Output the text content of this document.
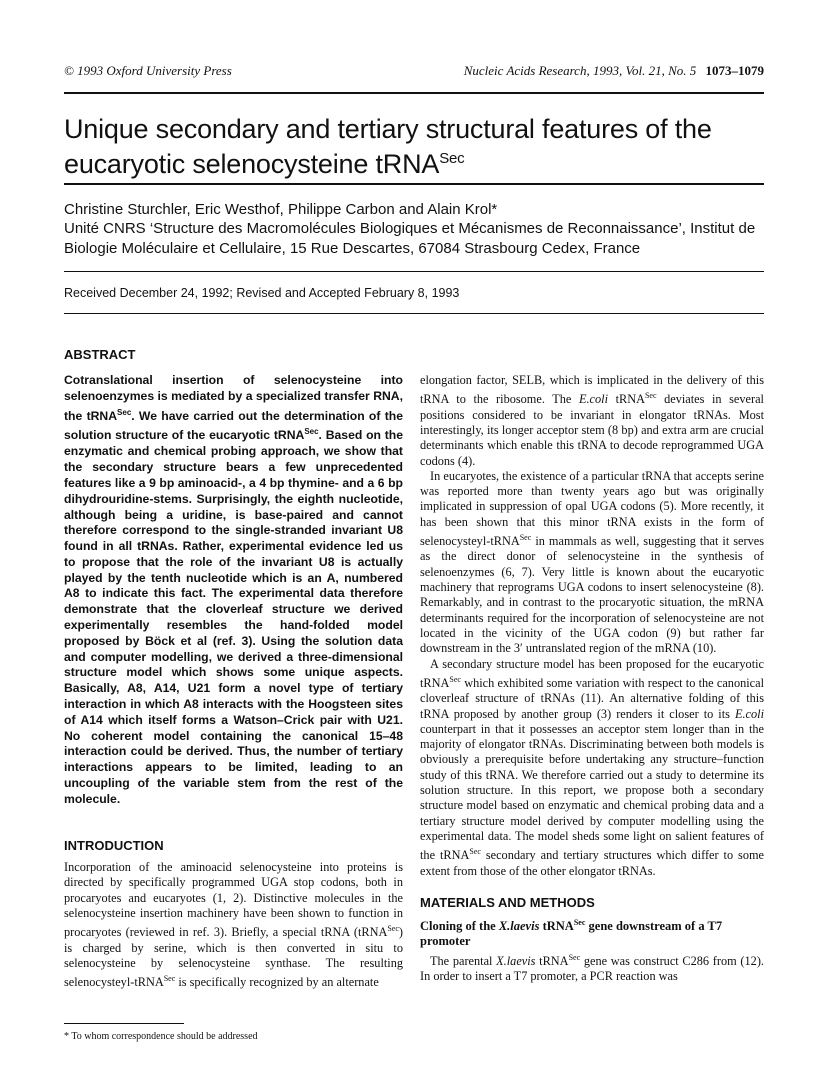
© 1993 Oxford University Press	Nucleic Acids Research, 1993, Vol. 21, No. 5 1073–1079
Unique secondary and tertiary structural features of the eucaryotic selenocysteine tRNA$^{Sec}$
Christine Sturchler, Eric Westhof, Philippe Carbon and Alain Krol*
Unité CNRS ‘Structure des Macromolécules Biologiques et Mécanismes de Reconnaissance’, Institut de Biologie Moléculaire et Cellulaire, 15 Rue Descartes, 67084 Strasbourg Cedex, France
Received December 24, 1992; Revised and Accepted February 8, 1993
ABSTRACT
Cotranslational insertion of selenocysteine into selenoenzymes is mediated by a specialized transfer RNA, the tRNA$^{Sec}$. We have carried out the determination of the solution structure of the eucaryotic tRNA$^{Sec}$. Based on the enzymatic and chemical probing approach, we show that the secondary structure bears a few unprecedented features like a 9 bp aminoacid-, a 4 bp thymine- and a 6 bp dihydrouridine-stems. Surprisingly, the eighth nucleotide, although being a uridine, is base-paired and cannot therefore correspond to the single-stranded invariant U8 found in all tRNAs. Rather, experimental evidence led us to propose that the role of the invariant U8 is actually played by the tenth nucleotide which is an A, numbered A8 to indicate this fact. The experimental data therefore demonstrate that the cloverleaf structure we derived experimentally resembles the hand-folded model proposed by Böck et al (ref. 3). Using the solution data and computer modelling, we derived a three-dimensional structure model which shows some unique aspects. Basically, A8, A14, U21 form a novel type of tertiary interaction in which A8 interacts with the Hoogsteen sites of A14 which itself forms a Watson–Crick pair with U21. No coherent model containing the canonical 15–48 interaction could be derived. Thus, the number of tertiary interactions appears to be limited, leading to an uncoupling of the variable stem from the rest of the molecule.
INTRODUCTION

Incorporation of the aminoacid selenocysteine into proteins is directed by specifically programmed UGA stop codons, both in procaryotes and eucaryotes (1, 2). Distinctive molecules in the selenocysteine insertion machinery have been shown to function in procaryotes (reviewed in ref. 3). Briefly, a special tRNA (tRNA$^{Sec}$) is charged by serine, which is then converted in situ to selenocysteine by selenocysteine synthase. The resulting selenocysteyl-tRNA$^{Sec}$ is specifically recognized by an alternate

elongation factor, SELB, which is implicated in the delivery of this tRNA to the ribosome. The E.coli tRNA$^{Sec}$ deviates in several positions considered to be invariant in elongator tRNAs. Most interestingly, its longer acceptor stem (8 bp) and extra arm are crucial determinants which enable this tRNA to decode reprogrammed UGA codons (4).

In eucaryotes, the existence of a particular tRNA that accepts serine was reported more than twenty years ago but was originally implicated in suppression of opal UGA codons (5). More recently, it has been shown that this minor tRNA exists in the form of selenocysteyl-tRNA$^{Sec}$ in mammals as well, suggesting that it serves as the direct donor of selenocysteine in the synthesis of selenoenzymes (6, 7). Very little is known about the eucaryotic machinery that reprograms UGA codons to insert selenocysteine (8). Remarkably, and in contrast to the procaryotic situation, the mRNA determinants required for the incorporation of selenocysteine are not located in the vicinity of the UGA codon (9) but rather far downstream in the 3′ untranslated region of the mRNA (10).

A secondary structure model has been proposed for the eucaryotic tRNA$^{Sec}$ which exhibited some variation with respect to the canonical cloverleaf structure of tRNAs (11). An alternative folding of this tRNA proposed by another group (3) renders it closer to its E.coli counterpart in that it possesses an acceptor stem longer than in the majority of elongator tRNAs. Discriminating between both models is obviously a prerequisite before undertaking any structure–function study of this tRNA. We therefore carried out a study to determine its solution structure. In this report, we propose both a secondary structure model based on enzymatic and chemical probing data and a tertiary structure model derived by computer modelling using the experimental data. The model sheds some light on salient features of the tRNA$^{Sec}$ secondary and tertiary structures which differ to some extent from those of the other elongator tRNAs.

MATERIALS AND METHODS
Cloning of the X.laevis tRNA$^{Sec}$ gene downstream of a T7 promoter

The parental X.laevis tRNA$^{Sec}$ gene was construct C286 from (12). In order to insert a T7 promoter, a PCR reaction was

* To whom correspondence should be addressed
